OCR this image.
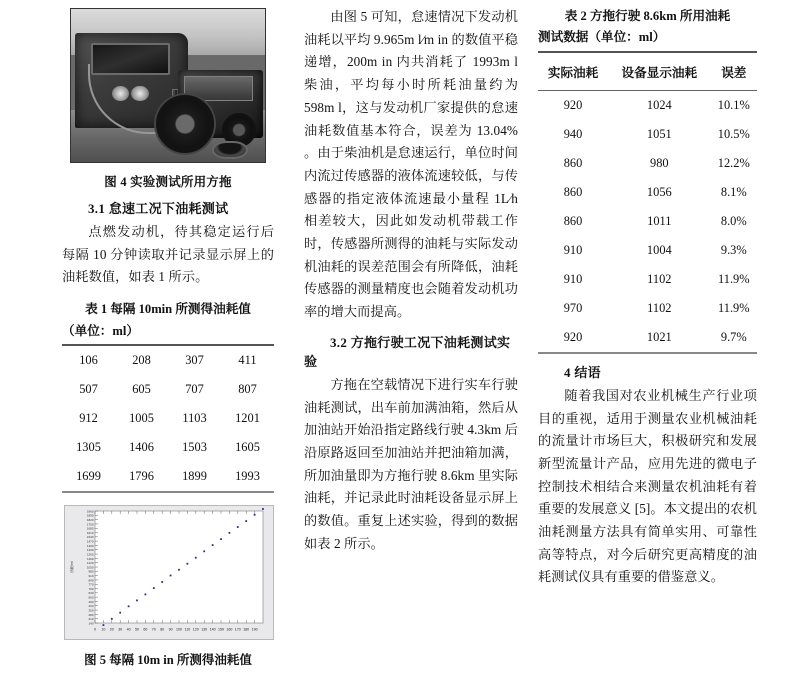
图 4 实验测试所用方拖
3.1 怠速工况下油耗测试

点燃发动机，待其稳定运行后每隔 10 分钟读取并记录显示屏上的油耗数值，如表 1 所示。

表 1 每隔 10min 所测得油耗值
（单位：ml）
106	208	307	411
507	605	707	807
912	1005	1103	1201
1305	1406	1503	1605
1699	1796	1899	1993
140
210
280
350
420
490
560
630
700
770
840
910
980
1050
1120
1190
1260
1330
1400
1470
1540
1610
1680
1750
1820
1890
1960
0 10 20 30 40 50 60 70 80 90 100 110 120 130 140 150 160 170 180 190
油耗/ml
图 5 每隔 10m in 所测得油耗值

由图 5 可知，怠速情况下发动机油耗以平均 9.965m l∕m in 的数值平稳递增，200m in 内共消耗了 1993m l柴油，平均每小时所耗油量约为 598m l，这与发动机厂家提供的怠速油耗数值基本符合，误差为 13.04% 。由于柴油机是怠速运行，单位时间内流过传感器的液体流速较低，与传感器的指定液体流速最小量程 1L∕h 相差较大，因此如发动机带载工作时，传感器所测得的油耗与实际发动机油耗的误差范围会有所降低，油耗传感器的测量精度也会随着发动机功率的增大而提高。

3.2 方拖行驶工况下油耗测试实验

方拖在空载情况下进行实车行驶油耗测试，出车前加满油箱，然后从加油站开始沿指定路线行驶 4.3km 后沿原路返回至加油站并把油箱加满，所加油量即为方拖行驶 8.6km 里实际油耗，并记录此时油耗设备显示屏上的数值。重复上述实验，得到的数据如表 2 所示。

表 2 方拖行驶 8.6km 所用油耗
测试数据（单位：ml）
实际油耗	设备显示油耗	误差
920	1024	10.1%
940	1051	10.5%
860	980	12.2%
860	1056	8.1%
860	1011	8.0%
910	1004	9.3%
910	1102	11.9%
970	1102	11.9%
920	1021	9.7%
4 结语

随着我国对农业机械生产行业项目的重视，适用于测量农业机械油耗的流量计市场巨大，积极研究和发展新型流量计产品，应用先进的微电子控制技术相结合来测量农机油耗有着重要的发展意义 [5]。本文提出的农机油耗测量方法具有简单实用、可靠性高等特点，对今后研究更高精度的油耗测试仪具有重要的借鉴意义。
